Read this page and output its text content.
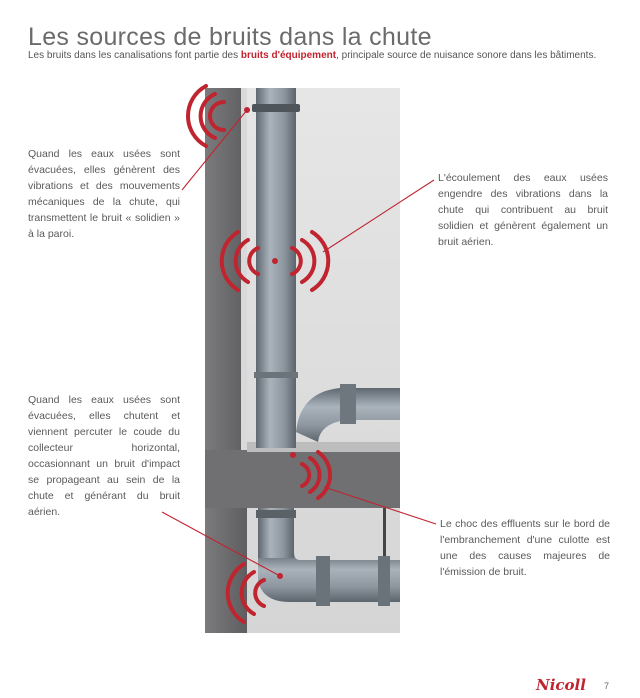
Les sources de bruits dans la chute

Les bruits dans les canalisations font partie des bruits d'équipement, principale source de nuisance sonore dans les bâtiments.

Quand les eaux usées sont évacuées, elles génèrent des vibrations et des mouvements mécaniques de la chute, qui transmettent le bruit « solidien » à la paroi.
L'écoulement des eaux usées engendre des vibrations dans la chute qui contribuent au bruit solidien et génèrent également un bruit aérien.
Quand les eaux usées sont évacuées, elles chutent et viennent percuter le coude du collecteur horizontal, occasionnant un bruit d'impact se propageant au sein de la chute et générant du bruit aérien.
Le choc des effluents sur le bord de l'embranchement d'une culotte est une des causes majeures de l'émission de bruit.
Nicoll 7
